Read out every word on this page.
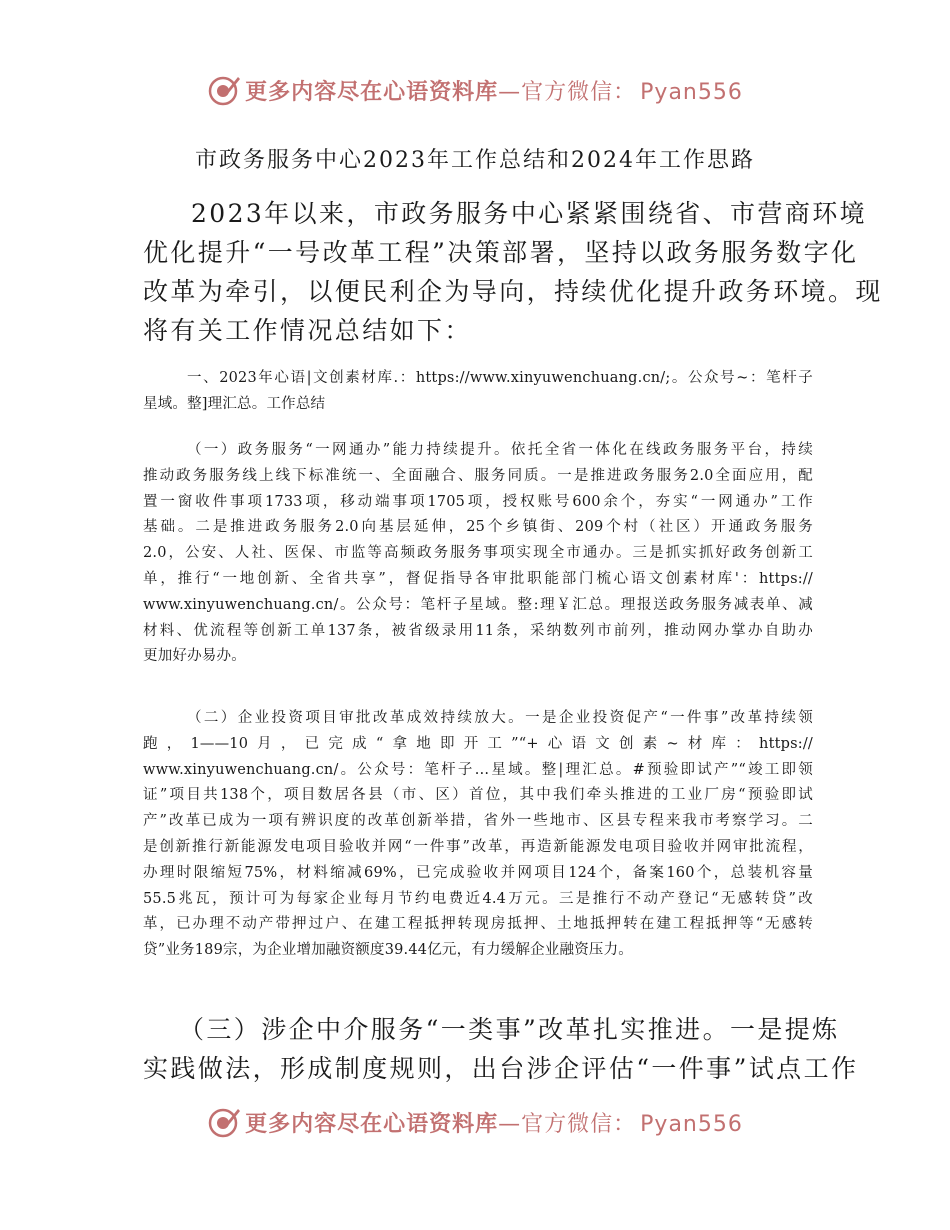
更多内容尽在心语资料库—官方微信： Pyan556
市政务服务中心2023年工作总结和2024年工作思路

2023年以来，市政务服务中心紧紧围绕省、市营商环境
优化提升“一号改革工程”决策部署，坚持以政务服务数字化
改革为牵引，以便民利企为导向，持续优化提升政务环境。现
将有关工作情况总结如下：

一、2023年心语|文创素材库.：https://www.xinyuwenchuang.cn/;。公众号~：笔杆子
星域。整]理汇总。工作总结

（一）政务服务“一网通办”能力持续提升。依托全省一体化在线政务服务平台，持续
推动政务服务线上线下标准统一、全面融合、服务同质。一是推进政务服务2.0全面应用，配
置一窗收件事项1733项，移动端事项1705项，授权账号600余个，夯实“一网通办”工作
基础。二是推进政务服务2.0向基层延伸，25个乡镇街、209个村（社区）开通政务服务
2.0，公安、人社、医保、市监等高频政务服务事项实现全市通办。三是抓实抓好政务创新工
单，推行“一地创新、全省共享”，督促指导各审批职能部门梳心语文创素材库'：https://
www.xinyuwenchuang.cn/。公众号：笔杆子星域。整:理￥汇总。理报送政务服务减表单、减
材料、优流程等创新工单137条，被省级录用11条，采纳数列市前列，推动网办掌办自助办
更加好办易办。

（二）企业投资项目审批改革成效持续放大。一是企业投资促产“一件事”改革持续领
跑，1——10月，已完成“拿地即开工”“+心语文创素~材库：https://
www.xinyuwenchuang.cn/。公众号：笔杆子…星域。整|理汇总。#预验即试产”“竣工即领
证”项目共138个，项目数居各县（市、区）首位，其中我们牵头推进的工业厂房“预验即试
产”改革已成为一项有辨识度的改革创新举措，省外一些地市、区县专程来我市考察学习。二
是创新推行新能源发电项目验收并网“一件事”改革，再造新能源发电项目验收并网审批流程，
办理时限缩短75%，材料缩减69%，已完成验收并网项目124个，备案160个，总装机容量
55.5兆瓦，预计可为每家企业每月节约电费近4.4万元。三是推行不动产登记“无感转贷”改
革，已办理不动产带押过户、在建工程抵押转现房抵押、土地抵押转在建工程抵押等“无感转
贷”业务189宗，为企业增加融资额度39.44亿元，有力缓解企业融资压力。

（三）涉企中介服务“一类事”改革扎实推进。一是提炼
实践做法，形成制度规则，出台涉企评估“一件事”试点工作

更多内容尽在心语资料库—官方微信： Pyan556
